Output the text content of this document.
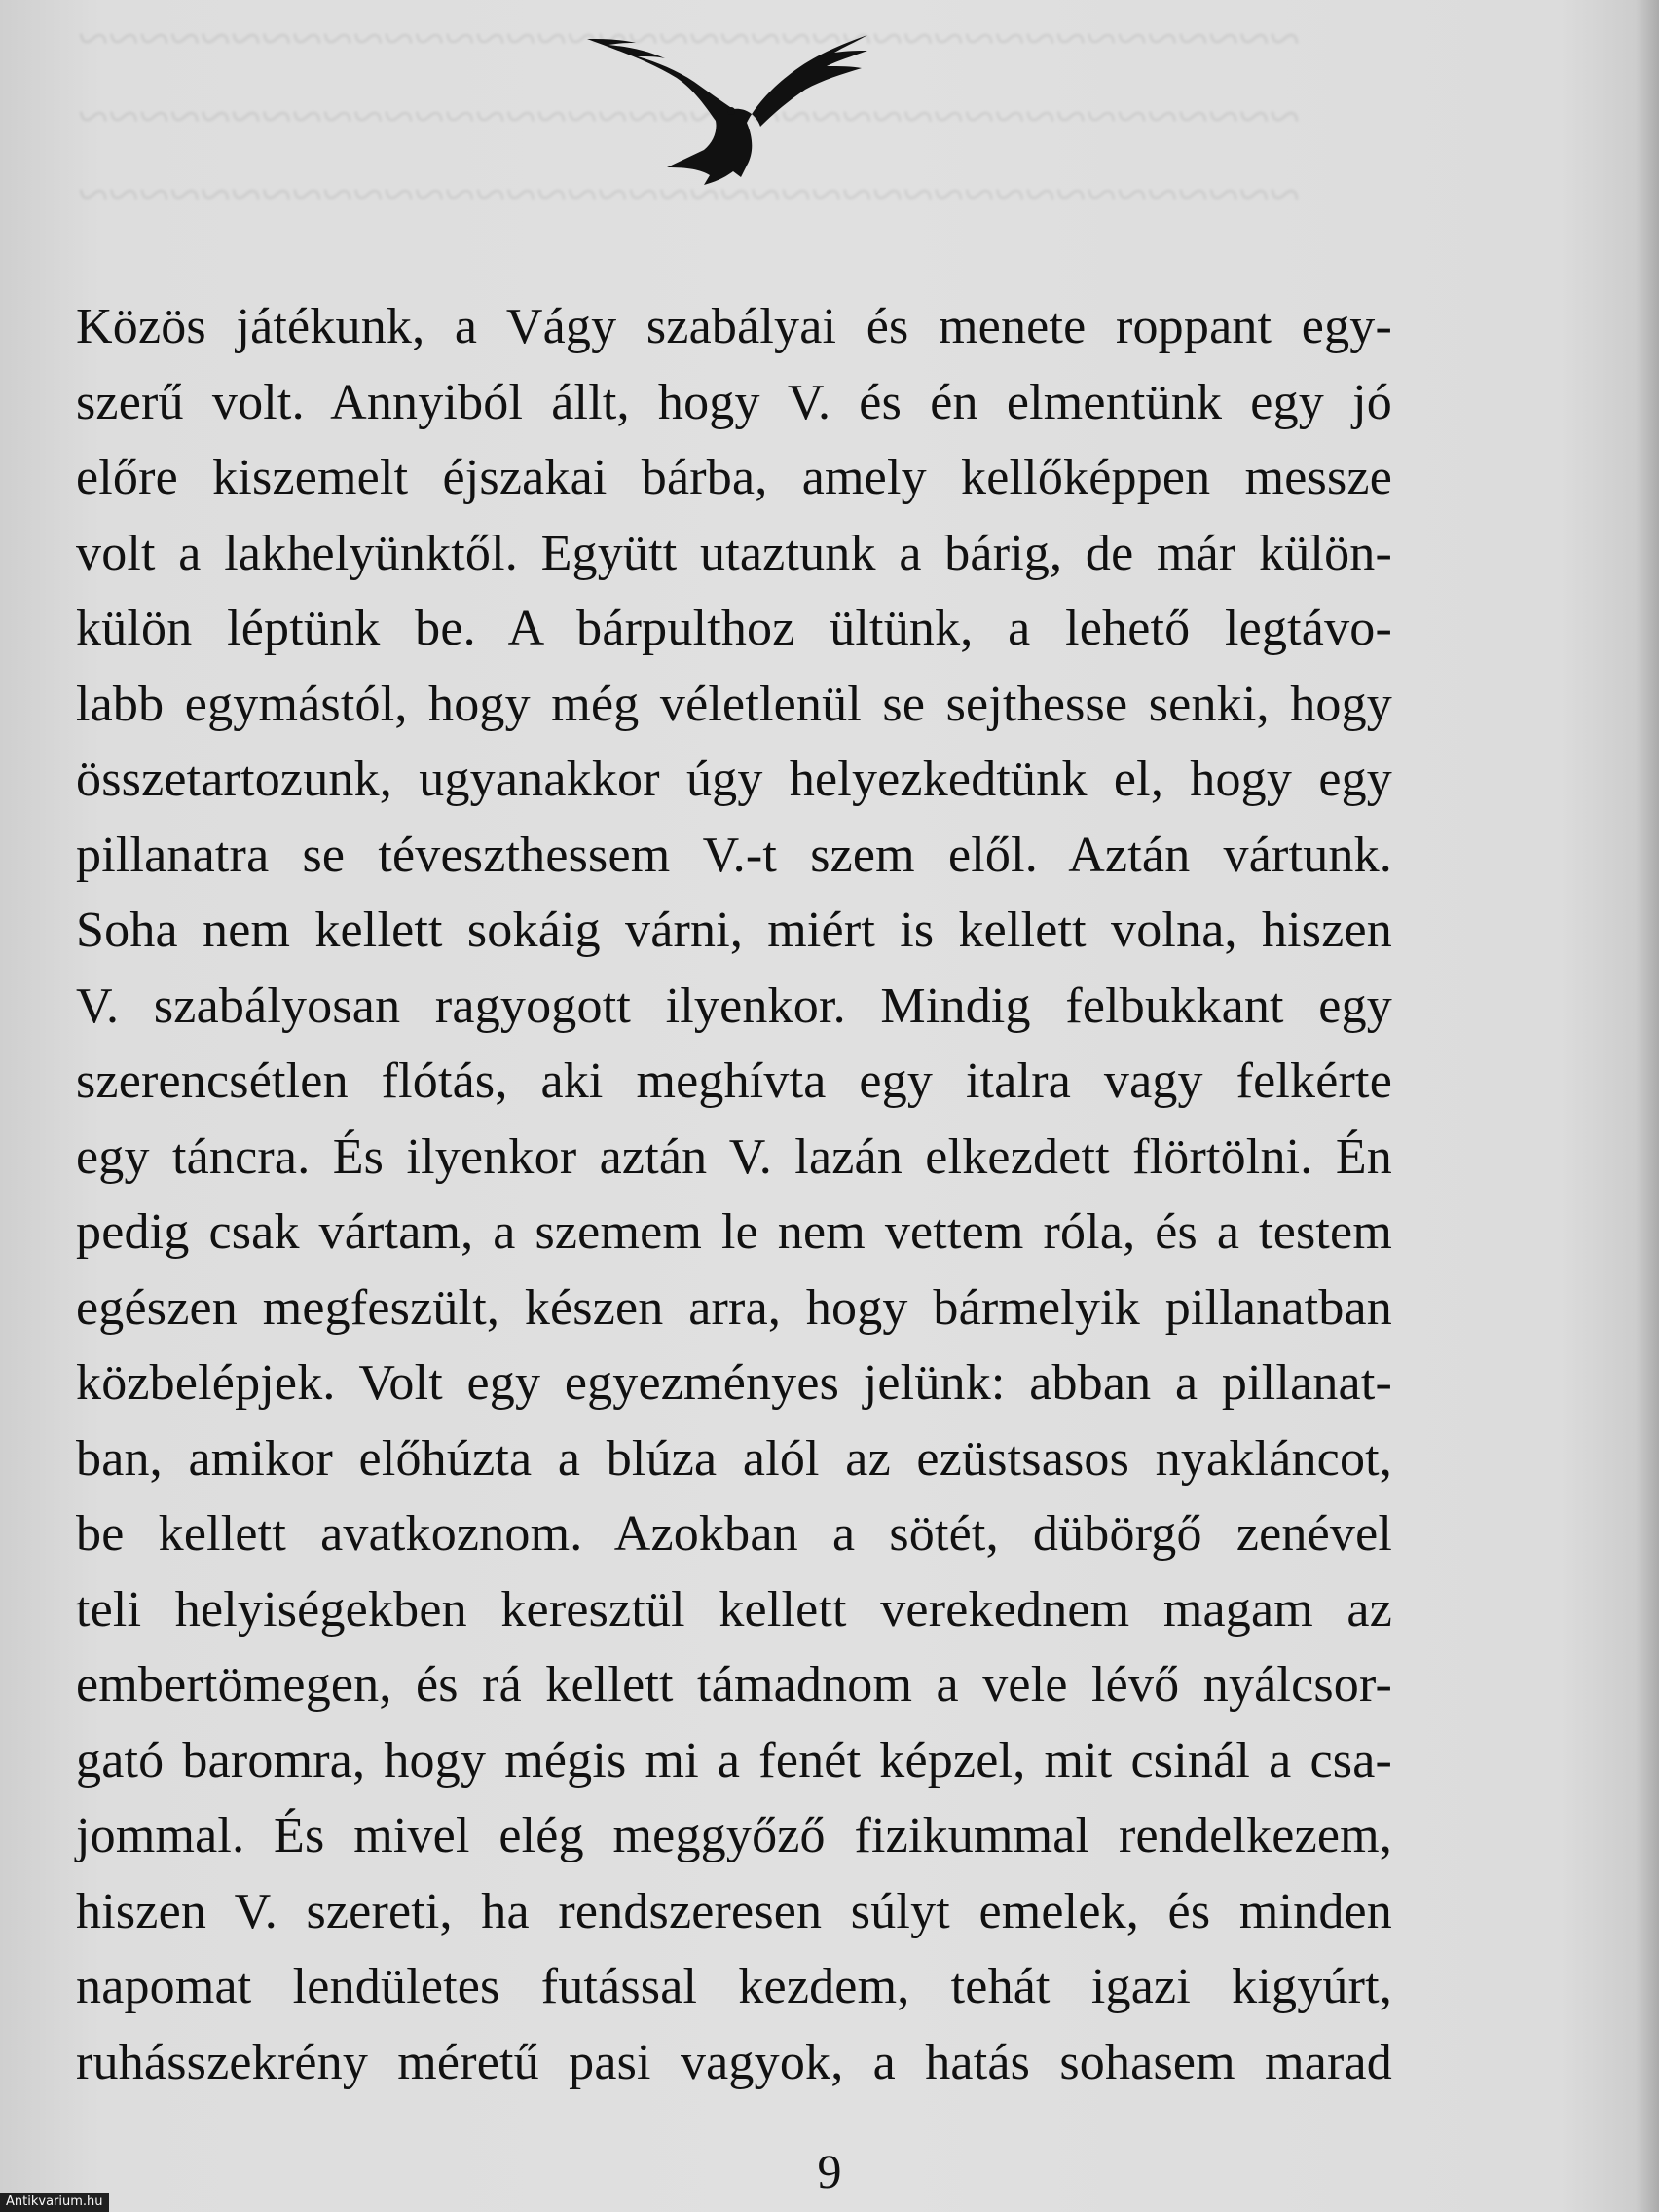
~~~~~~~~~~~~~~~~~~~~~~~~~~~~~~~~~~~~~~~~
~~~~~~~~~~~~~~~~~~~~~~~~~~~~~~~~~~~~~~~~
~~~~~~~~~~~~~~~~~~~~~~~~~~~~~~~~~~~~~~~~
Közös játékunk, a Vágy szabályai és menete roppant egy-
szerű volt. Annyiból állt, hogy V. és én elmentünk egy jó
előre kiszemelt éjszakai bárba, amely kellőképpen messze
volt a lakhelyünktől. Együtt utaztunk a bárig, de már külön-
külön léptünk be. A bárpulthoz ültünk, a lehető legtávo-
labb egymástól, hogy még véletlenül se sejthesse senki, hogy
összetartozunk, ugyanakkor úgy helyezkedtünk el, hogy egy
pillanatra se téveszthessem V.-t szem elől. Aztán vártunk.
Soha nem kellett sokáig várni, miért is kellett volna, hiszen
V. szabályosan ragyogott ilyenkor. Mindig felbukkant egy
szerencsétlen flótás, aki meghívta egy italra vagy felkérte
egy táncra. És ilyenkor aztán V. lazán elkezdett flörtölni. Én
pedig csak vártam, a szemem le nem vettem róla, és a testem
egészen megfeszült, készen arra, hogy bármelyik pillanatban
közbelépjek. Volt egy egyezményes jelünk: abban a pillanat-
ban, amikor előhúzta a blúza alól az ezüstsasos nyakláncot,
be kellett avatkoznom. Azokban a sötét, dübörgő zenével
teli helyiségekben keresztül kellett verekednem magam az
embertömegen, és rá kellett támadnom a vele lévő nyálcsor-
gató baromra, hogy mégis mi a fenét képzel, mit csinál a csa-
jommal. És mivel elég meggyőző fizikummal rendelkezem,
hiszen V. szereti, ha rendszeresen súlyt emelek, és minden
napomat lendületes futással kezdem, tehát igazi kigyúrt,
ruhásszekrény méretű pasi vagyok, a hatás sohasem marad
9
Antikvarium.hu
